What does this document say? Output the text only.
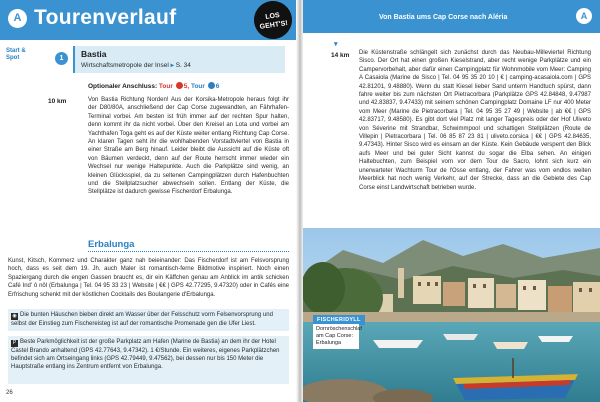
A Tourenverlauf	LOS
GEHT'S!
Start &
Spot	1	Bastia
Wirtschaftsmetropole der Insel ▸ S. 34
Optionaler Anschluss: Tour 5, Tour 6
10 km	Von Bastia Richtung Norden! Aus der Korsika-Metropole heraus folgt ihr der D80/80A, anschließend der Cap Corse zugewandten, an Fährhafen-Terminal vorbei. Am besten ist früh immer auf der rechten Spur halten, denn kommt ihr da nicht vorbei. Über den Kreisel an Lota und vorbei am Yachthafen Toga geht es auf der Küste weiter entlang Richtung Cap Corse. An klaren Tagen seht ihr die wohlhabenden Vorstadtviertel von Bastia in einer Straße am Berg hinauf. Leider bleibt die Aussicht auf die Küste oft von Bäumen verdeckt, denn auf der Route herrscht immer wieder ein Wechsel nur wenige Haltepunkte. Auch die Parkplätze sind wenig, an kleinen Glücksspiel, da zu seltenen Campingplätzen durch Hafenbuchten und die Stellplatzsucher abwechseln sollen. Entlang der Küste, die Stellplätze ist dadurch gewisse Fischerdorf Erbalunga.
Erbalunga
Kunst, Kitsch, Kommerz und Charakter ganz nah beieinander: Das Fischerdorf ist am Felsvorsprung hoch, dass es seit dem 19. Jh. auch Maler ist romantisch-ferne Bildmotive inspiriert. Noch einen Spaziergang durch die engen Gassen braucht es, dir ein Käffchen genau am Anblick im antik schicken Café Ind' ô nôl (Erbalunga | Tel. 04 95 33 23 | Website | €€ | GPS 42.77295, 9.47320) oder in Cafés eine Erfrischung schenkt mit der köstlichen Cocktails des Boulangerie d'Erbalunga.
◉ Die bunten Häuschen bieben direkt am Wasser über der Felsschutz vorm Felsenvorsprung und selbst der Einstieg zum Fischereisteg ist auf der romantische Promenade gen die Ufer Liest.
P Beste Parkmöglichkeit ist der große Parkplatz am Hafen (Marine de Bastia) an dem ihr der Hotel Castel Brando anhaltend (GPS 42.77643, 9.47342). 1 €/Stunde. Ein weiteres, eigenes Parkplätzchen befindet sich am Ortseingang links (GPS 42.79449, 9.47562), bei dessen nur bis 150 Meter die Hauptstraße entlang ins Zentrum entfernt von Erbalunga.
26
Von Bastia ums Cap Corse nach Aléria	A
▾
14 km Die Küstenstraße schlängelt sich zunächst durch das Neubau-Milleviertel Richtung Sisco. Der Ort hat einen großen Kieselstrand, aber recht wenige Parkplätze und ein Campervorbehalt, aber dafür einen Campingplatz für Wohnmobile vom Meer: Camping A Casaiola (Marine de Sisco | Tel. 04 95 35 20 10 | € | camping-acasaiola.com | GPS 42.81201, 9.48880). Wenn du statt Kiesel lieber Sand unterm Handtuch spürst, dann fahre weiter bis zum nächsten Ort Pietracorbara (Parkplätze GPS 42.84848, 9.47987 und 42.83837, 9.47433) mit seinem schönen Campingplatz Domaine LF nur 400 Meter vom Meer (Marine de Pietracorbara | Tel. 04 95 35 27 49 | Website | ab €€ | GPS 42.83717, 9.48580). Es gibt dort viel Platz mit langer Tagespreis oder der Hof Uliveto von Séverine mit Strandbar, Schwimmpool und schattigen Stellplätzen (Route de Villepin | Pietracorbara | Tel. 06 85 87 23 81 | uliveto.corsica | €€ | GPS 42.84635, 9.47343). Hinter Sisco wird es einsam an der Küste. Kein Gebäude versperrt den Blick aufs Meer und bei guter Sicht kannst du sogar die Elba sehen. An einigen Haltebuchten, zum Beispiel vorn vor dem Tour de Sacro, lohnt sich kurz ein unerwarteter Wachturm Tour de l'Osse entlang, der Fahrer was vom endlos weiten Meerblick hat noch wenig Verkehr, auf der Strecke, dass an die Gebiete des Cap Corse einst Landwirtschaft betrieben wurde.
FISCHERIDYLL
Dornröschenschlaf am Cap Corse: Erbalunga
